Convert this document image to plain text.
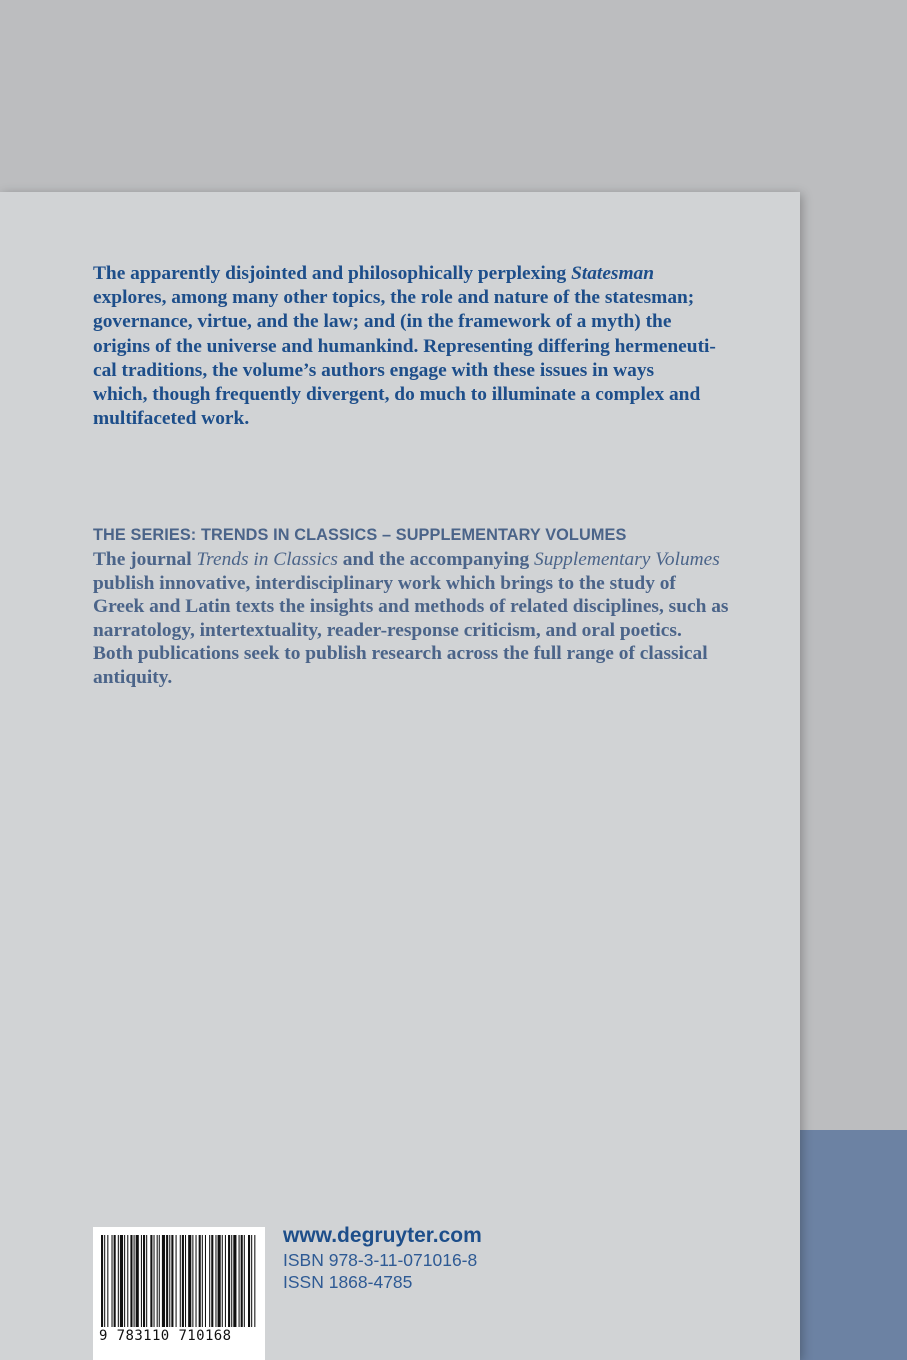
The apparently disjointed and philosophically perplexing Statesman
explores, among many other topics, the role and nature of the statesman;
governance, virtue, and the law; and (in the framework of a myth) the
origins of the universe and humankind. Representing differing hermeneuti-
cal traditions, the volume’s authors engage with these issues in ways
which, though frequently divergent, do much to illuminate a complex and
multifaceted work.
THE SERIES: TRENDS IN CLASSICS – SUPPLEMENTARY VOLUMES
The journal Trends in Classics and the accompanying Supplementary Volumes
publish innovative, interdisciplinary work which brings to the study of
Greek and Latin texts the insights and methods of related disciplines, such as
narratology, intertextuality, reader-response criticism, and oral poetics.
Both publications seek to publish research across the full range of classical
antiquity.
9 783110 710168
www.degruyter.com
ISBN 978-3-11-071016-8
ISSN 1868-4785
